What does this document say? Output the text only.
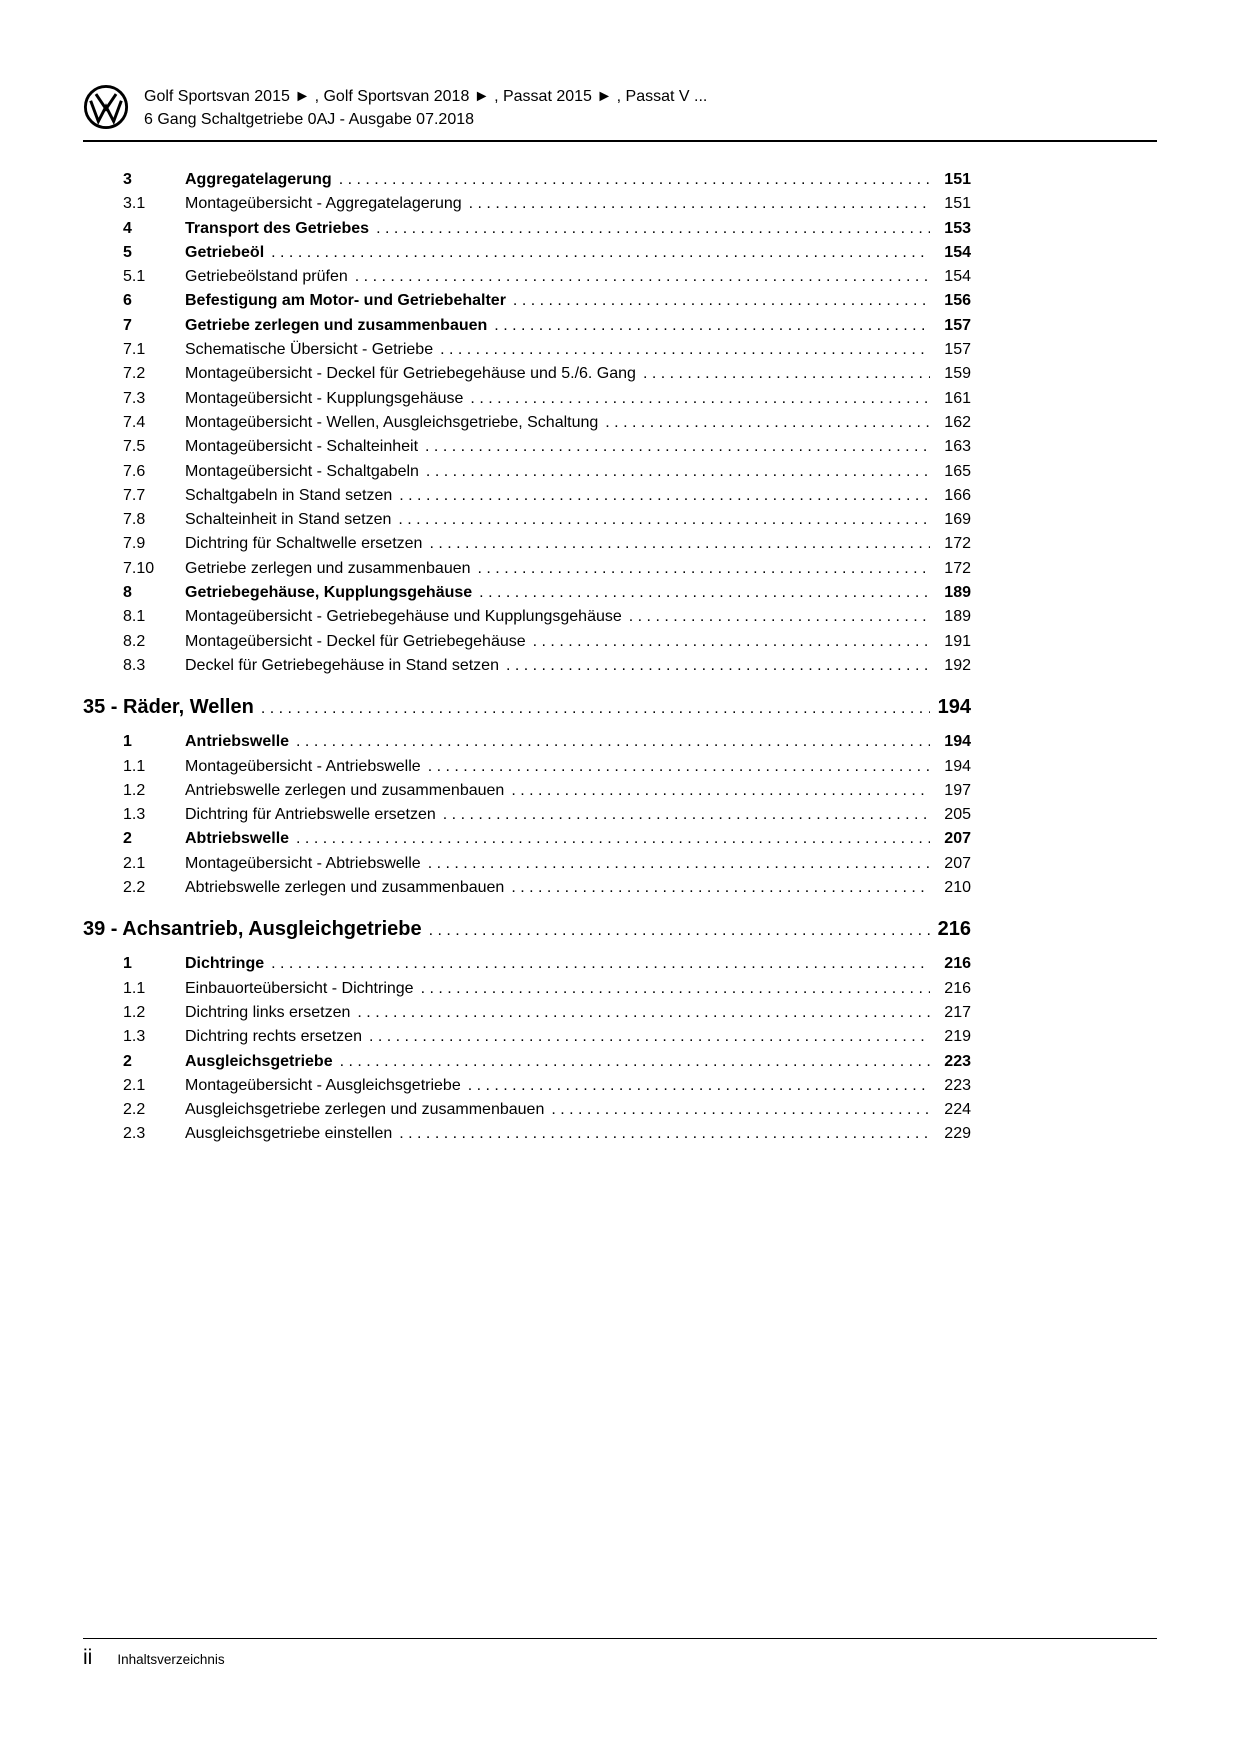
Golf Sportsvan 2015 ► , Golf Sportsvan 2018 ► , Passat 2015 ► , Passat V ...
6 Gang Schaltgetriebe 0AJ - Ausgabe 07.2018
3	Aggregatelagerung . . .	151
3.1	Montageübersicht - Aggregatelagerung . . .	151
4	Transport des Getriebes . . .	153
5	Getriebeöl . . .	154
5.1	Getriebeölstand prüfen . . .	154
6	Befestigung am Motor- und Getriebehalter . . .	156
7	Getriebe zerlegen und zusammenbauen . . .	157
7.1	Schematische Übersicht - Getriebe . . .	157
7.2	Montageübersicht - Deckel für Getriebegehäuse und 5./6. Gang . . .	159
7.3	Montageübersicht - Kupplungsgehäuse . . .	161
7.4	Montageübersicht - Wellen, Ausgleichsgetriebe, Schaltung . . .	162
7.5	Montageübersicht - Schalteinheit . . .	163
7.6	Montageübersicht - Schaltgabeln . . .	165
7.7	Schaltgabeln in Stand setzen . . .	166
7.8	Schalteinheit in Stand setzen . . .	169
7.9	Dichtring für Schaltwelle ersetzen . . .	172
7.10	Getriebe zerlegen und zusammenbauen . . .	172
8	Getriebegehäuse, Kupplungsgehäuse . . .	189
8.1	Montageübersicht - Getriebegehäuse und Kupplungsgehäuse . . .	189
8.2	Montageübersicht - Deckel für Getriebegehäuse . . .	191
8.3	Deckel für Getriebegehäuse in Stand setzen . . .	192
35 - Räder, Wellen . . .	194
1	Antriebswelle . . .	194
1.1	Montageübersicht - Antriebswelle . . .	194
1.2	Antriebswelle zerlegen und zusammenbauen . . .	197
1.3	Dichtring für Antriebswelle ersetzen . . .	205
2	Abtriebswelle . . .	207
2.1	Montageübersicht - Abtriebswelle . . .	207
2.2	Abtriebswelle zerlegen und zusammenbauen . . .	210
39 - Achsantrieb, Ausgleichgetriebe . . .	216
1	Dichtringe . . .	216
1.1	Einbauorteübersicht - Dichtringe . . .	216
1.2	Dichtring links ersetzen . . .	217
1.3	Dichtring rechts ersetzen . . .	219
2	Ausgleichsgetriebe . . .	223
2.1	Montageübersicht - Ausgleichsgetriebe . . .	223
2.2	Ausgleichsgetriebe zerlegen und zusammenbauen . . .	224
2.3	Ausgleichsgetriebe einstellen . . .	229
ii Inhaltsverzeichnis
